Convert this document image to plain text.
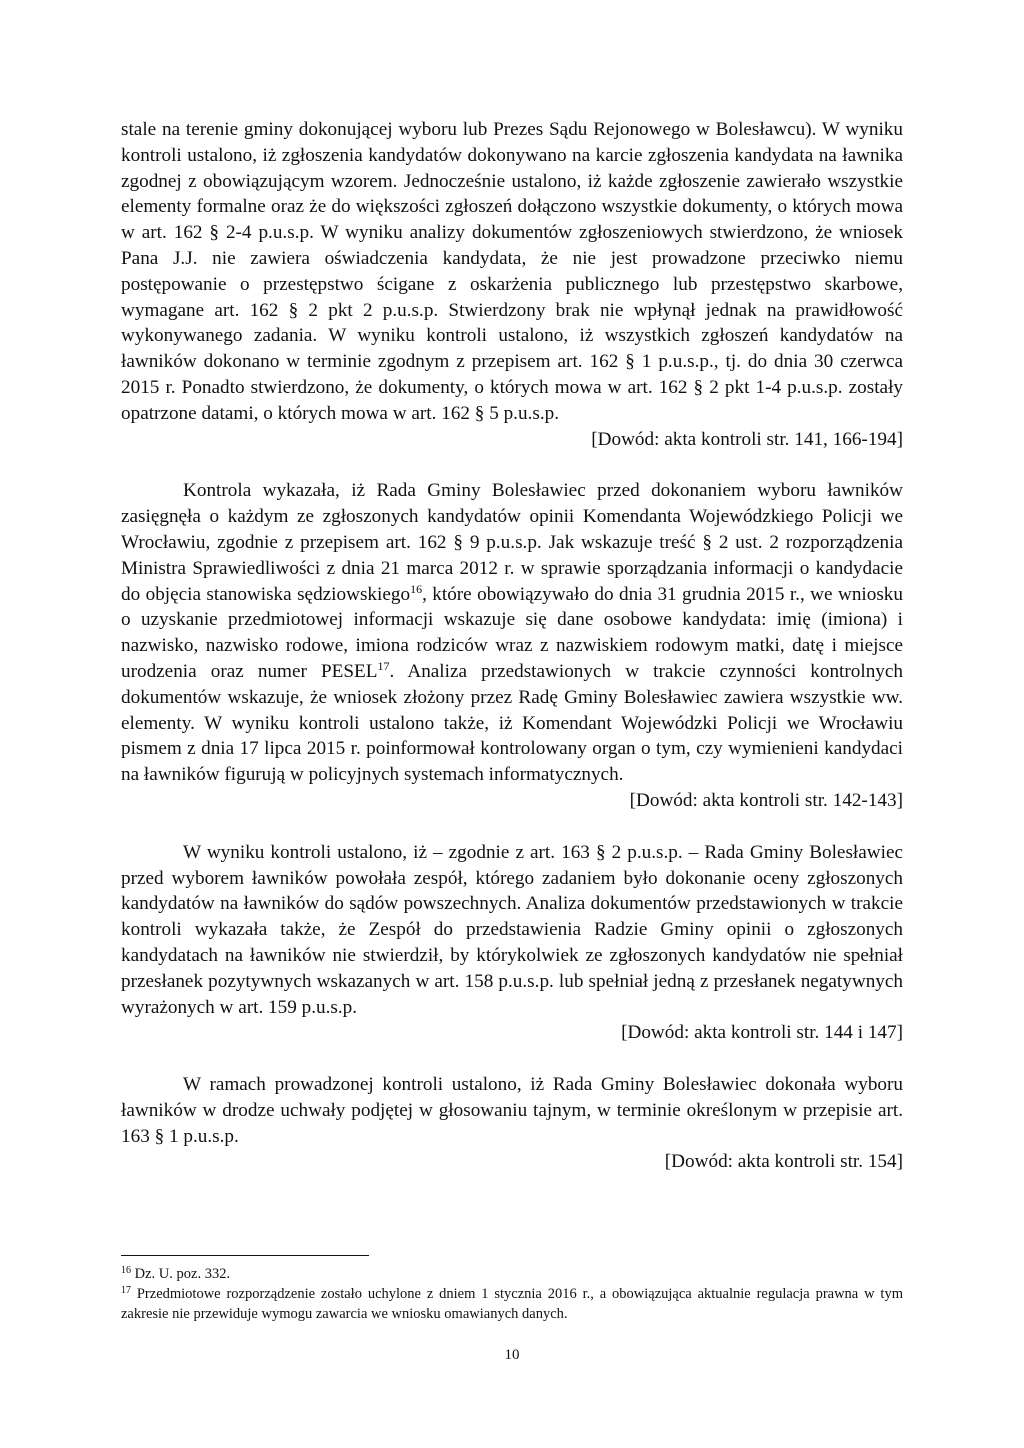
stale na terenie gminy dokonującej wyboru lub Prezes Sądu Rejonowego w Bolesławcu). W wyniku kontroli ustalono, iż zgłoszenia kandydatów dokonywano na karcie zgłoszenia kandydata na ławnika zgodnej z obowiązującym wzorem. Jednocześnie ustalono, iż każde zgłoszenie zawierało wszystkie elementy formalne oraz że do większości zgłoszeń dołączono wszystkie dokumenty, o których mowa w art. 162 § 2-4 p.u.s.p. W wyniku analizy dokumentów zgłoszeniowych stwierdzono, że wniosek Pana J.J. nie zawiera oświadczenia kandydata, że nie jest prowadzone przeciwko niemu postępowanie o przestępstwo ścigane z oskarżenia publicznego lub przestępstwo skarbowe, wymagane art. 162 § 2 pkt 2 p.u.s.p. Stwierdzony brak nie wpłynął jednak na prawidłowość wykonywanego zadania. W wyniku kontroli ustalono, iż wszystkich zgłoszeń kandydatów na ławników dokonano w terminie zgodnym z przepisem art. 162 § 1 p.u.s.p., tj. do dnia 30 czerwca 2015 r. Ponadto stwierdzono, że dokumenty, o których mowa w art. 162 § 2 pkt 1-4 p.u.s.p. zostały opatrzone datami, o których mowa w art. 162 § 5 p.u.s.p.

[Dowód: akta kontroli str. 141, 166-194]

Kontrola wykazała, iż Rada Gminy Bolesławiec przed dokonaniem wyboru ławników zasięgnęła o każdym ze zgłoszonych kandydatów opinii Komendanta Wojewódzkiego Policji we Wrocławiu, zgodnie z przepisem art. 162 § 9 p.u.s.p. Jak wskazuje treść § 2 ust. 2 rozporządzenia Ministra Sprawiedliwości z dnia 21 marca 2012 r. w sprawie sporządzania informacji o kandydacie do objęcia stanowiska sędziowskiego$^{16}$, które obowiązywało do dnia 31 grudnia 2015 r., we wniosku o uzyskanie przedmiotowej informacji wskazuje się dane osobowe kandydata: imię (imiona) i nazwisko, nazwisko rodowe, imiona rodziców wraz z nazwiskiem rodowym matki, datę i miejsce urodzenia oraz numer PESEL$^{17}$. Analiza przedstawionych w trakcie czynności kontrolnych dokumentów wskazuje, że wniosek złożony przez Radę Gminy Bolesławiec zawiera wszystkie ww. elementy. W wyniku kontroli ustalono także, iż Komendant Wojewódzki Policji we Wrocławiu pismem z dnia 17 lipca 2015 r. poinformował kontrolowany organ o tym, czy wymienieni kandydaci na ławników figurują w policyjnych systemach informatycznych.

[Dowód: akta kontroli str. 142-143]

W wyniku kontroli ustalono, iż – zgodnie z art. 163 § 2 p.u.s.p. – Rada Gminy Bolesławiec przed wyborem ławników powołała zespół, którego zadaniem było dokonanie oceny zgłoszonych kandydatów na ławników do sądów powszechnych. Analiza dokumentów przedstawionych w trakcie kontroli wykazała także, że Zespół do przedstawienia Radzie Gminy opinii o zgłoszonych kandydatach na ławników nie stwierdził, by którykolwiek ze zgłoszonych kandydatów nie spełniał przesłanek pozytywnych wskazanych w art. 158 p.u.s.p. lub spełniał jedną z przesłanek negatywnych wyrażonych w art. 159 p.u.s.p.

[Dowód: akta kontroli str. 144 i 147]

W ramach prowadzonej kontroli ustalono, iż Rada Gminy Bolesławiec dokonała wyboru ławników w drodze uchwały podjętej w głosowaniu tajnym, w terminie określonym w przepisie art. 163 § 1 p.u.s.p.

[Dowód: akta kontroli str. 154]

$^{16}$ Dz. U. poz. 332.

$^{17}$ Przedmiotowe rozporządzenie zostało uchylone z dniem 1 stycznia 2016 r., a obowiązująca aktualnie regulacja prawna w tym zakresie nie przewiduje wymogu zawarcia we wniosku omawianych danych.

10
